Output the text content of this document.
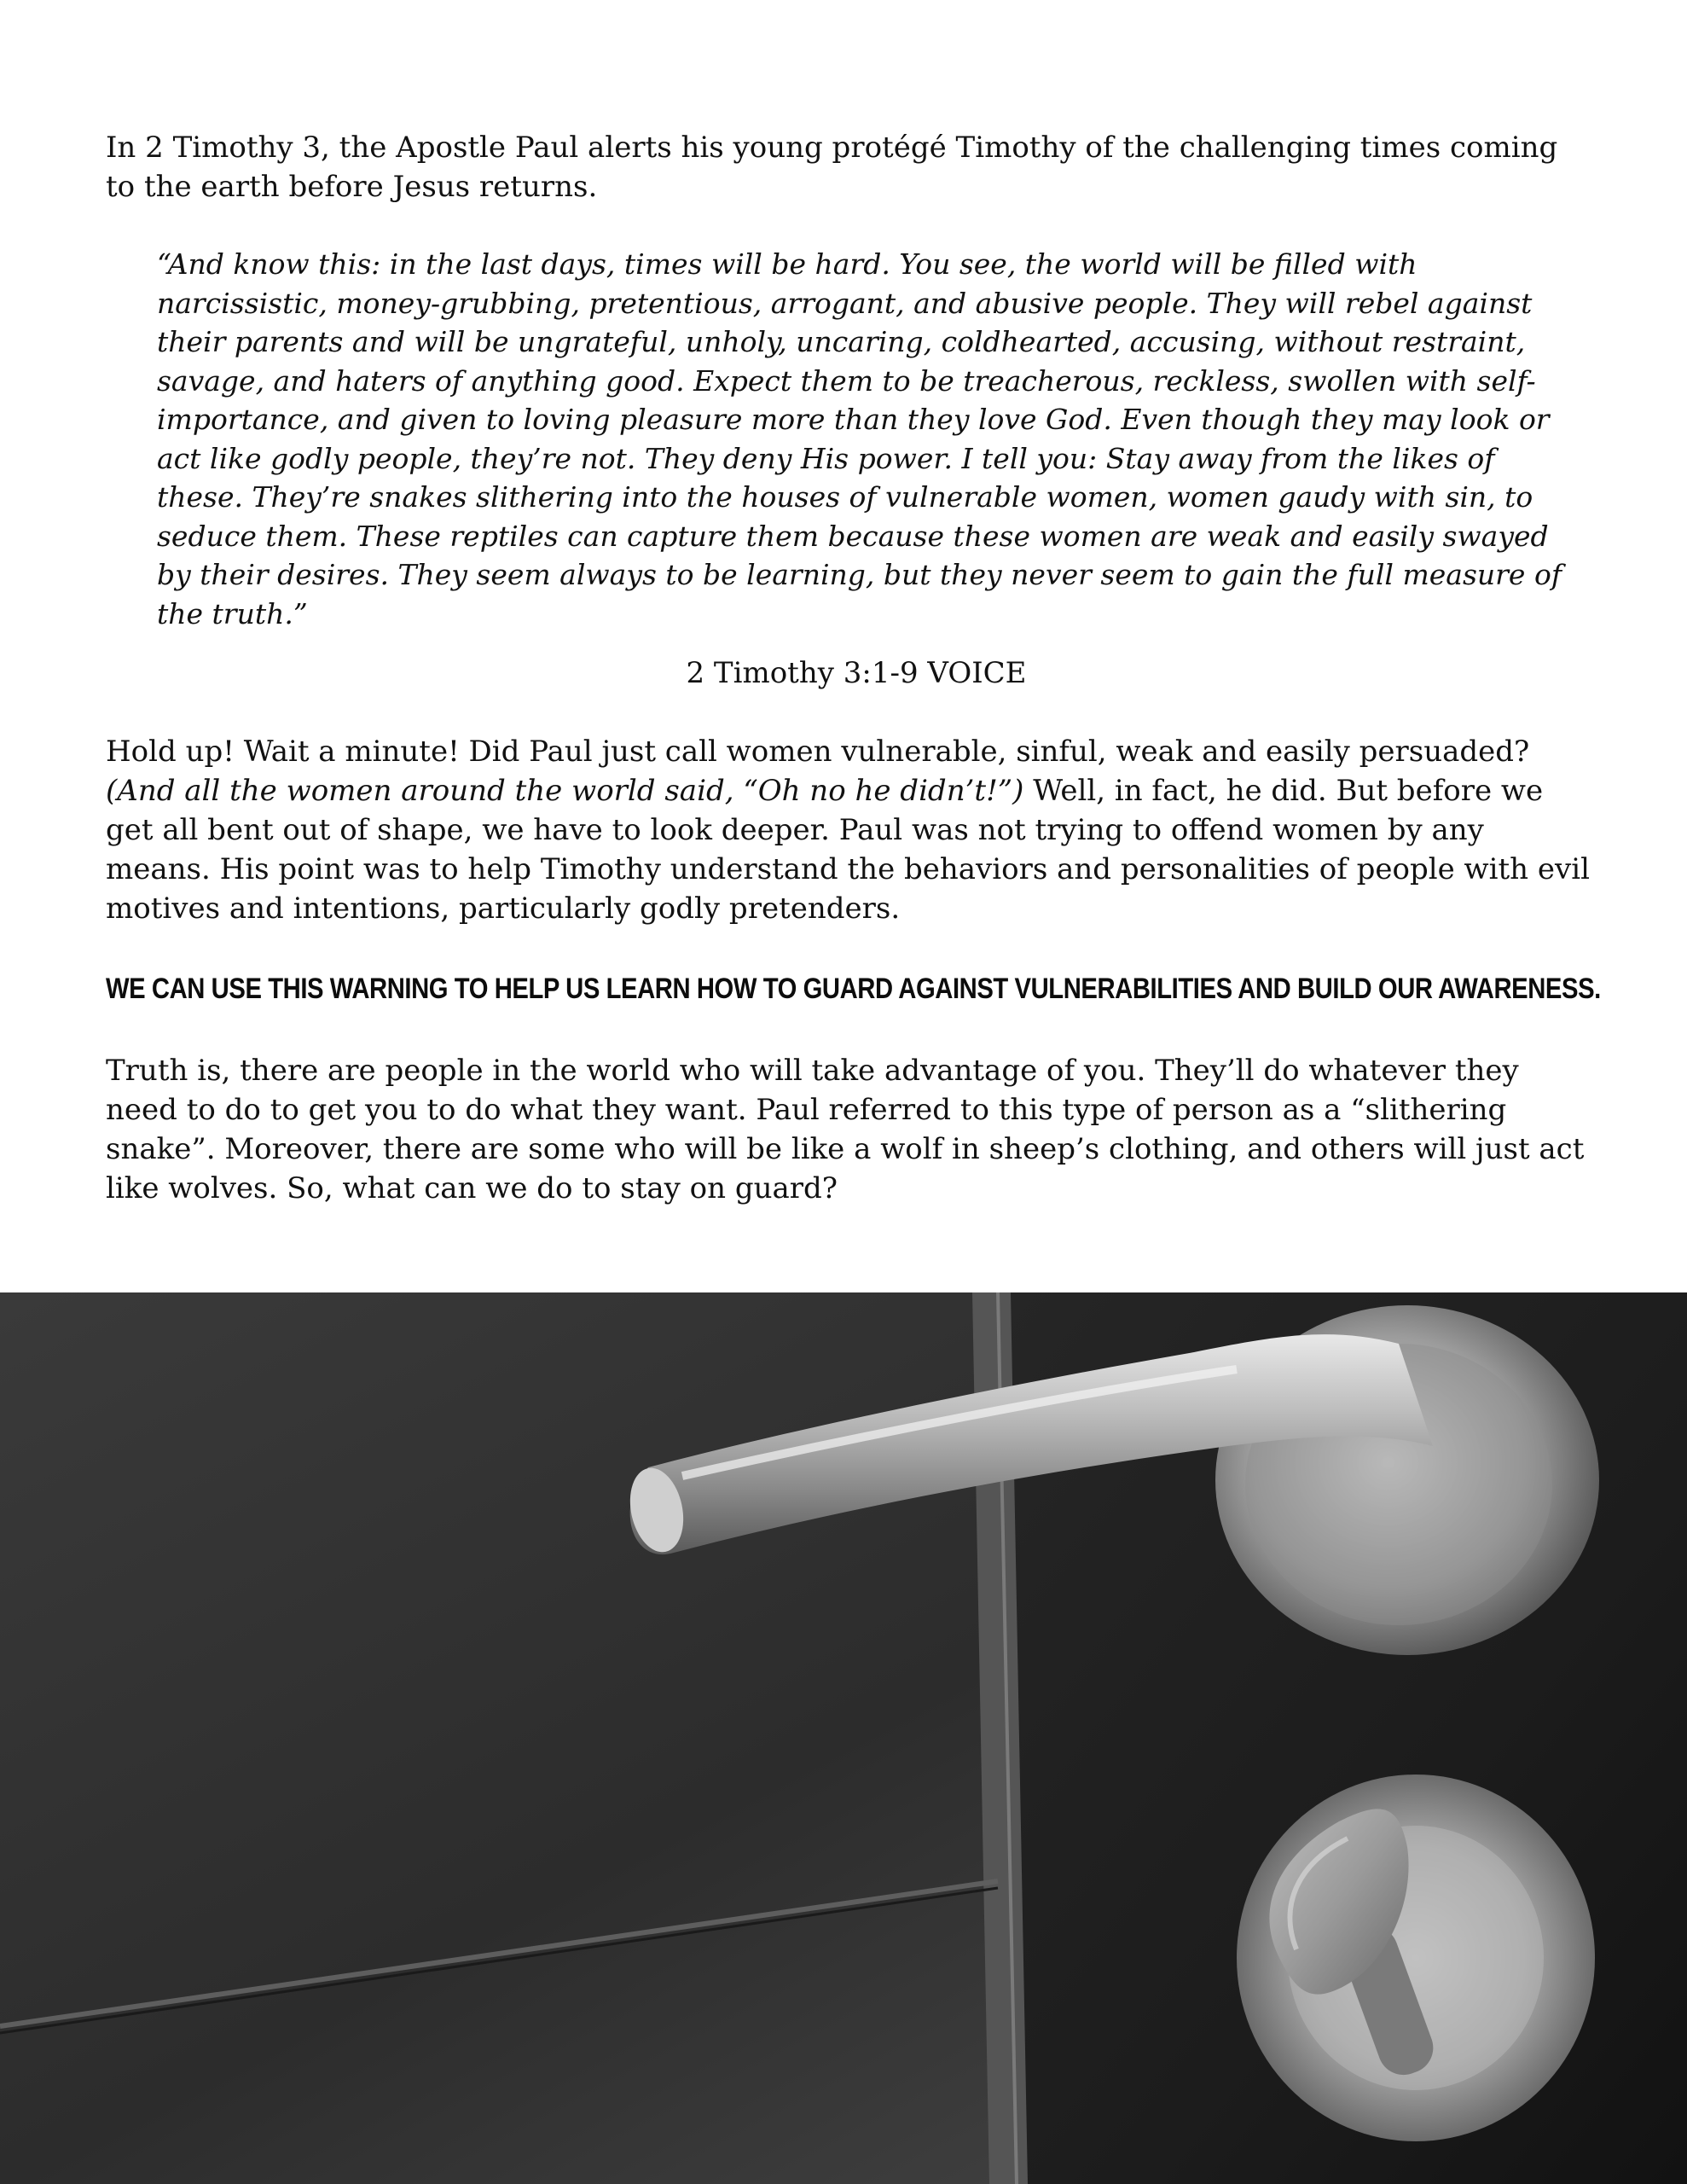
In 2 Timothy 3, the Apostle Paul alerts his young protégé Timothy of the challenging times coming to the earth before Jesus returns.

“And know this: in the last days, times will be hard. You see, the world will be filled with narcissistic, money-grubbing, pretentious, arrogant, and abusive people. They will rebel against their parents and will be ungrateful, unholy, uncaring, coldhearted, accusing, without restraint, savage, and haters of anything good. Expect them to be treacherous, reckless, swollen with self-importance, and given to loving pleasure more than they love God. Even though they may look or act like godly people, they’re not. They deny His power. I tell you: Stay away from the likes of these. They’re snakes slithering into the houses of vulnerable women, women gaudy with sin, to seduce them. These reptiles can capture them because these women are weak and easily swayed by their desires. They seem always to be learning, but they never seem to gain the full measure of the truth.”

2 Timothy 3:1-9 VOICE

Hold up! Wait a minute! Did Paul just call women vulnerable, sinful, weak and easily persuaded? (And all the women around the world said, “Oh no he didn’t!”) Well, in fact, he did. But before we get all bent out of shape, we have to look deeper. Paul was not trying to offend women by any means. His point was to help Timothy understand the behaviors and personalities of people with evil motives and intentions, particularly godly pretenders.

WE CAN USE THIS WARNING TO HELP US LEARN HOW TO GUARD AGAINST VULNERABILITIES AND BUILD OUR AWARENESS.

Truth is, there are people in the world who will take advantage of you. They’ll do whatever they need to do to get you to do what they want. Paul referred to this type of person as a “slithering snake”. Moreover, there are some who will be like a wolf in sheep’s clothing, and others will just act like wolves. So, what can we do to stay on guard?
